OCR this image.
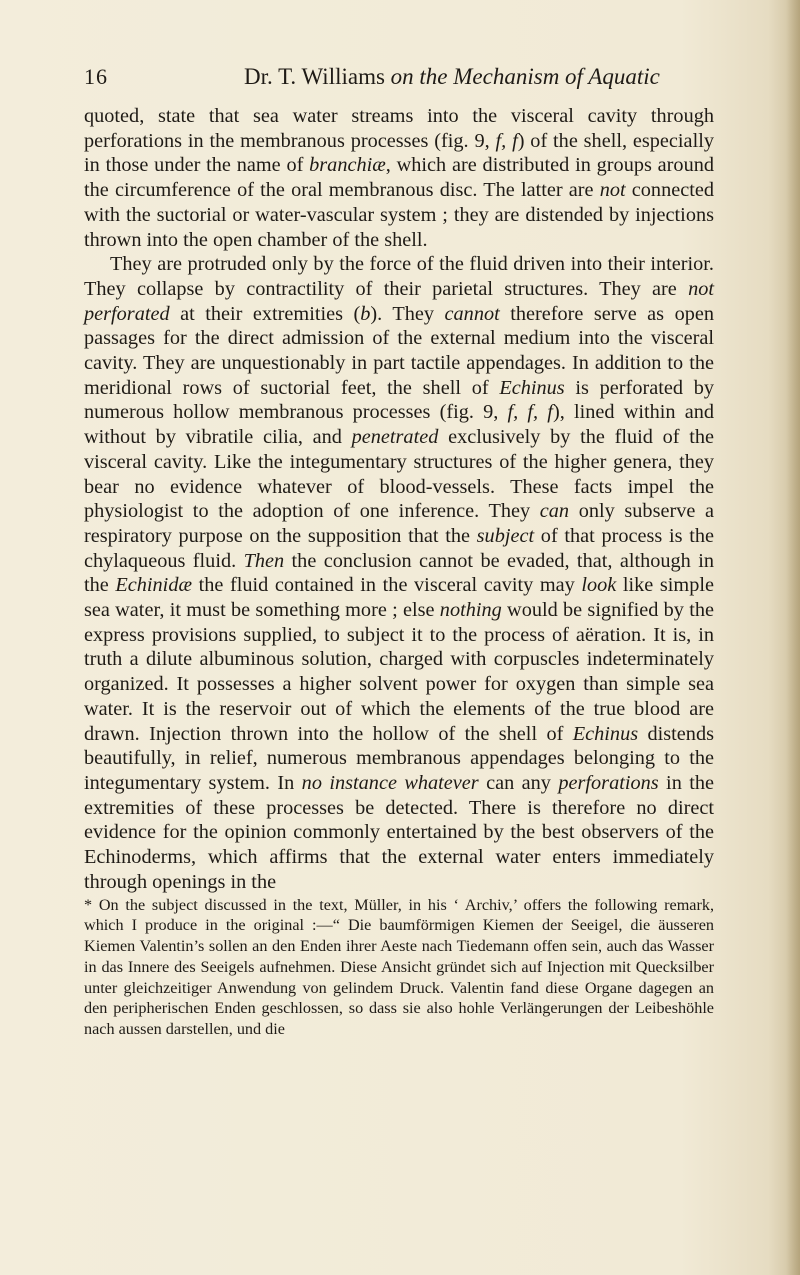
16	Dr. T. Williams on the Mechanism of Aquatic

quoted, state that sea water streams into the visceral cavity through perforations in the membranous processes (fig. 9, f, f) of the shell, especially in those under the name of branchiæ, which are distributed in groups around the circumference of the oral membranous disc. The latter are not connected with the suctorial or water-vascular system ; they are distended by injections thrown into the open chamber of the shell.

They are protruded only by the force of the fluid driven into their interior. They collapse by contractility of their parietal structures. They are not perforated at their extremities (b). They cannot therefore serve as open passages for the direct admission of the external medium into the visceral cavity. They are unquestionably in part tactile appendages. In addition to the meridional rows of suctorial feet, the shell of Echinus is perforated by numerous hollow membranous processes (fig. 9, f, f, f), lined within and without by vibratile cilia, and penetrated exclusively by the fluid of the visceral cavity. Like the integumentary structures of the higher genera, they bear no evidence whatever of blood-vessels. These facts impel the physiologist to the adoption of one inference. They can only subserve a respiratory purpose on the supposition that the subject of that process is the chylaqueous fluid. Then the conclusion cannot be evaded, that, although in the Echinidæ the fluid contained in the visceral cavity may look like simple sea water, it must be something more ; else nothing would be signified by the express provisions supplied, to subject it to the process of aëration. It is, in truth a dilute albuminous solution, charged with corpuscles indeterminately organized. It possesses a higher solvent power for oxygen than simple sea water. It is the reservoir out of which the elements of the true blood are drawn. Injection thrown into the hollow of the shell of Echinus distends beautifully, in relief, numerous membranous appendages belonging to the integumentary system. In no instance whatever can any perforations in the extremities of these processes be detected. There is therefore no direct evidence for the opinion commonly entertained by the best observers of the Echinoderms, which affirms that the external water enters immediately through openings in the

* On the subject discussed in the text, Müller, in his ‘ Archiv,’ offers the following remark, which I produce in the original :—“ Die baumförmigen Kiemen der Seeigel, die äusseren Kiemen Valentin’s sollen an den Enden ihrer Aeste nach Tiedemann offen sein, auch das Wasser in das Innere des Seeigels aufnehmen. Diese Ansicht gründet sich auf Injection mit Quecksilber unter gleichzeitiger Anwendung von gelindem Druck. Valentin fand diese Organe dagegen an den peripherischen Enden geschlossen, so dass sie also hohle Verlängerungen der Leibeshöhle nach aussen darstellen, und die
